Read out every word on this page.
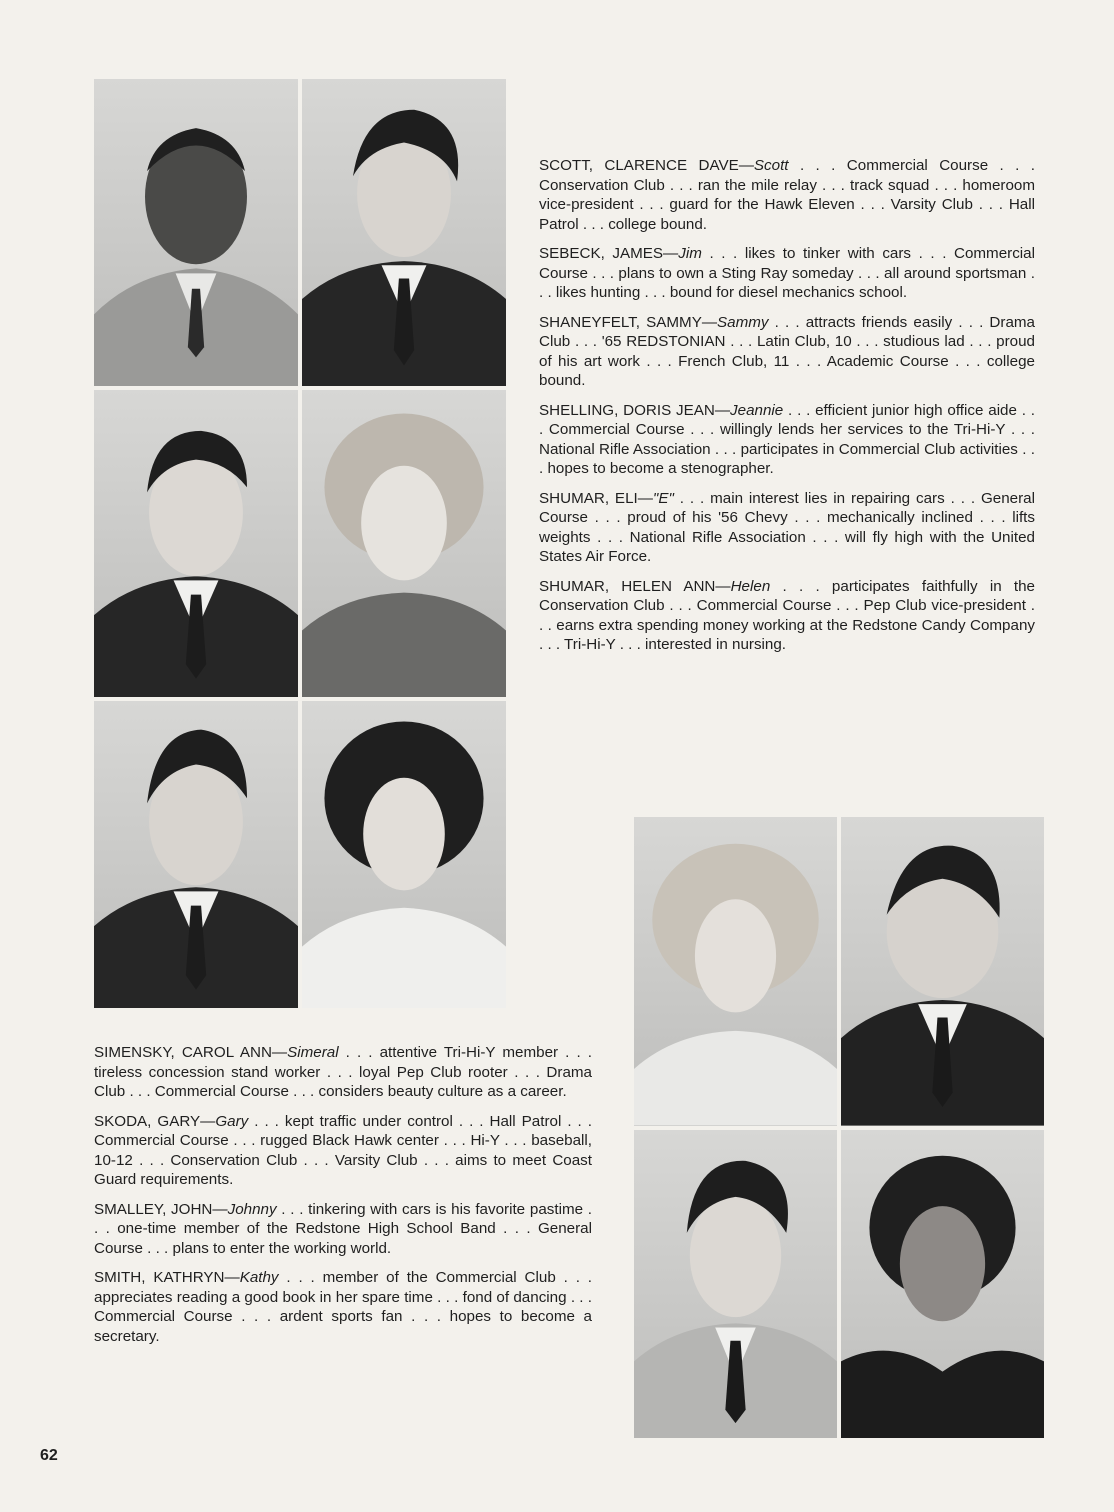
SCOTT, CLARENCE DAVE—Scott . . . Commercial Course . . . Conservation Club . . . ran the mile relay . . . track squad . . . homeroom vice-president . . . guard for the Hawk Eleven . . . Varsity Club . . . Hall Patrol . . . college bound.

SEBECK, JAMES—Jim . . . likes to tinker with cars . . . Commercial Course . . . plans to own a Sting Ray someday . . . all around sportsman . . . likes hunting . . . bound for diesel mechanics school.

SHANEYFELT, SAMMY—Sammy . . . attracts friends easily . . . Drama Club . . . '65 REDSTONIAN . . . Latin Club, 10 . . . studious lad . . . proud of his art work . . . French Club, 11 . . . Academic Course . . . college bound.

SHELLING, DORIS JEAN—Jeannie . . . efficient junior high office aide . . . Commercial Course . . . willingly lends her services to the Tri-Hi-Y . . . National Rifle Association . . . participates in Commercial Club activities . . . hopes to become a stenographer.

SHUMAR, ELI—"E" . . . main interest lies in repairing cars . . . General Course . . . proud of his '56 Chevy . . . mechanically inclined . . . lifts weights . . . National Rifle Association . . . will fly high with the United States Air Force.

SHUMAR, HELEN ANN—Helen . . . participates faithfully in the Conservation Club . . . Commercial Course . . . Pep Club vice-president . . . earns extra spending money working at the Redstone Candy Company . . . Tri-Hi-Y . . . interested in nursing.

SIMENSKY, CAROL ANN—Simeral . . . attentive Tri-Hi-Y member . . . tireless concession stand worker . . . loyal Pep Club rooter . . . Drama Club . . . Commercial Course . . . considers beauty culture as a career.

SKODA, GARY—Gary . . . kept traffic under control . . . Hall Patrol . . . Commercial Course . . . rugged Black Hawk center . . . Hi-Y . . . baseball, 10-12 . . . Conservation Club . . . Varsity Club . . . aims to meet Coast Guard requirements.

SMALLEY, JOHN—Johnny . . . tinkering with cars is his favorite pastime . . . one-time member of the Redstone High School Band . . . General Course . . . plans to enter the working world.

SMITH, KATHRYN—Kathy . . . member of the Commercial Club . . . appreciates reading a good book in her spare time . . . fond of dancing . . . Commercial Course . . . ardent sports fan . . . hopes to become a secretary.

62
